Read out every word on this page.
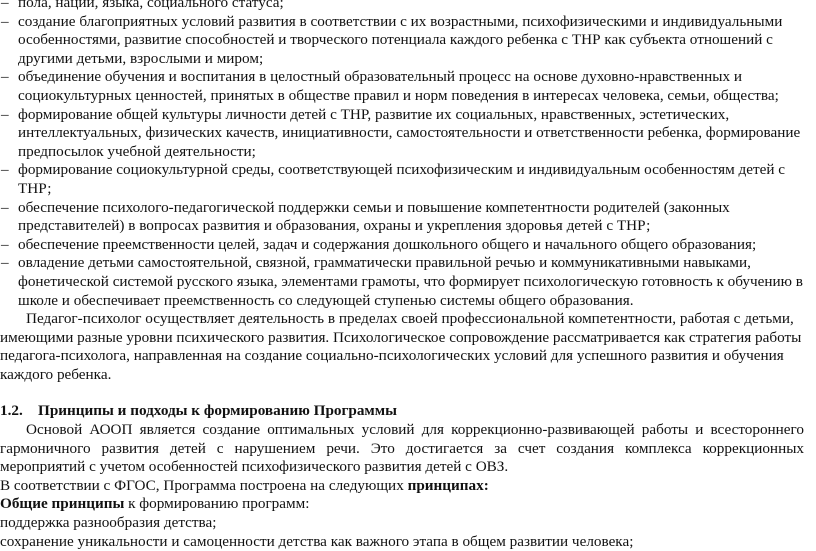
– пола, нации, языка, социального статуса;
– создание благоприятных условий развития в соответствии с их возрастными, психофизическими и индивидуальными особенностями, развитие способностей и творческого потенциала каждого ребенка с ТНР как субъекта отношений с другими детьми, взрослыми и миром;
– объединение обучения и воспитания в целостный образовательный процесс на основе духовно-нравственных и социокультурных ценностей, принятых в обществе правил и норм поведения в интересах человека, семьи, общества;
– формирование общей культуры личности детей с ТНР, развитие их социальных, нравственных, эстетических, интеллектуальных, физических качеств, инициативности, самостоятельности и ответственности ребенка, формирование предпосылок учебной деятельности;
– формирование социокультурной среды, соответствующей психофизическим и индивидуальным особенностям детей с ТНР;
– обеспечение психолого-педагогической поддержки семьи и повышение компетентности родителей (законных представителей) в вопросах развития и образования, охраны и укрепления здоровья детей с ТНР;
– обеспечение преемственности целей, задач и содержания дошкольного общего и начального общего образования;
– овладение детьми самостоятельной, связной, грамматически правильной речью и коммуникативными навыками, фонетической системой русского языка, элементами грамоты, что формирует психологическую готовность к обучению в школе и обеспечивает преемственность со следующей ступенью системы общего образования.

Педагог-психолог осуществляет деятельность в пределах своей профессиональной компетентности, работая с детьми, имеющими разные уровни психического развития. Психологическое сопровождение рассматривается как стратегия работы педагога-психолога, направленная на создание социально-психологических условий для успешного развития и обучения каждого ребенка.

1.2. Принципы и подходы к формированию Программы

Основой АООП является создание оптимальных условий для коррекционно-развивающей работы и всестороннего гармоничного развития детей с нарушением речи. Это достигается за счет создания комплекса коррекционных мероприятий с учетом особенностей психофизического развития детей с ОВЗ.

В соответствии с ФГОС, Программа построена на следующих принципах:

Общие принципы к формированию программ:

поддержка разнообразия детства;

сохранение уникальности и самоценности детства как важного этапа в общем развитии человека;
